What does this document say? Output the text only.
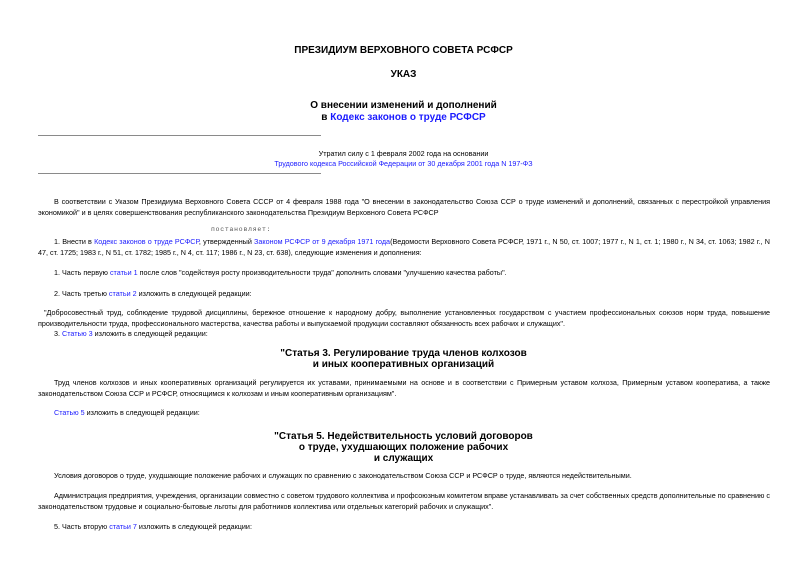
ПРЕЗИДИУМ ВЕРХОВНОГО СОВЕТА РСФСР
УКАЗ
О внесении изменений и дополнений
в Кодекс законов о труде РСФСР
Утратил силу с 1 февраля 2002 года на основании
Трудового кодекса Российской Федерации от 30 декабря 2001 года N 197-ФЗ
В соответствии с Указом Президиума Верховного Совета СССР от 4 февраля 1988 года "О внесении в законодательство Союза ССР о труде изменений и дополнений, связанных с перестройкой управления экономикой" и в целях совершенствования республиканского законодательства Президиум Верховного Совета РСФСР
постановляет:
1. Внести в Кодекс законов о труде РСФСР, утвержденный Законом РСФСР от 9 декабря 1971 года(Ведомости Верховного Совета РСФСР, 1971 г., N 50, ст. 1007; 1977 г., N 1, ст. 1; 1980 г., N 34, ст. 1063; 1982 г., N 47, ст. 1725; 1983 г., N 51, ст. 1782; 1985 г., N 4, ст. 117; 1986 г., N 23, ст. 638), следующие изменения и дополнения:
1. Часть первую статьи 1 после слов "содействуя росту производительности труда" дополнить словами "улучшению качества работы".
2. Часть третью статьи 2 изложить в следующей редакции:
"Добросовестный труд, соблюдение трудовой дисциплины, бережное отношение к народному добру, выполнение установленных государством с участием профессиональных союзов норм труда, повышение производительности труда, профессионального мастерства, качества работы и выпускаемой продукции составляют обязанность всех рабочих и служащих".
3. Статью 3 изложить в следующей редакции:
"Статья 3. Регулирование труда членов колхозов
и иных кооперативных организаций
Труд членов колхозов и иных кооперативных организаций регулируется их уставами, принимаемыми на основе и в соответствии с Примерным уставом колхоза, Примерным уставом кооператива, а также законодательством Союза ССР и РСФСР, относящимся к колхозам и иным кооперативным организациям".
Статью 5 изложить в следующей редакции:
"Статья 5. Недействительность условий договоров
о труде, ухудшающих положение рабочих
и служащих
Условия договоров о труде, ухудшающие положение рабочих и служащих по сравнению с законодательством Союза ССР и РСФСР о труде, являются недействительными.
Администрация предприятия, учреждения, организации совместно с советом трудового коллектива и профсоюзным комитетом вправе устанавливать за счет собственных средств дополнительные по сравнению с законодательством трудовые и социально-бытовые льготы для работников коллектива или отдельных категорий рабочих и служащих".
5. Часть вторую статьи 7 изложить в следующей редакции:
